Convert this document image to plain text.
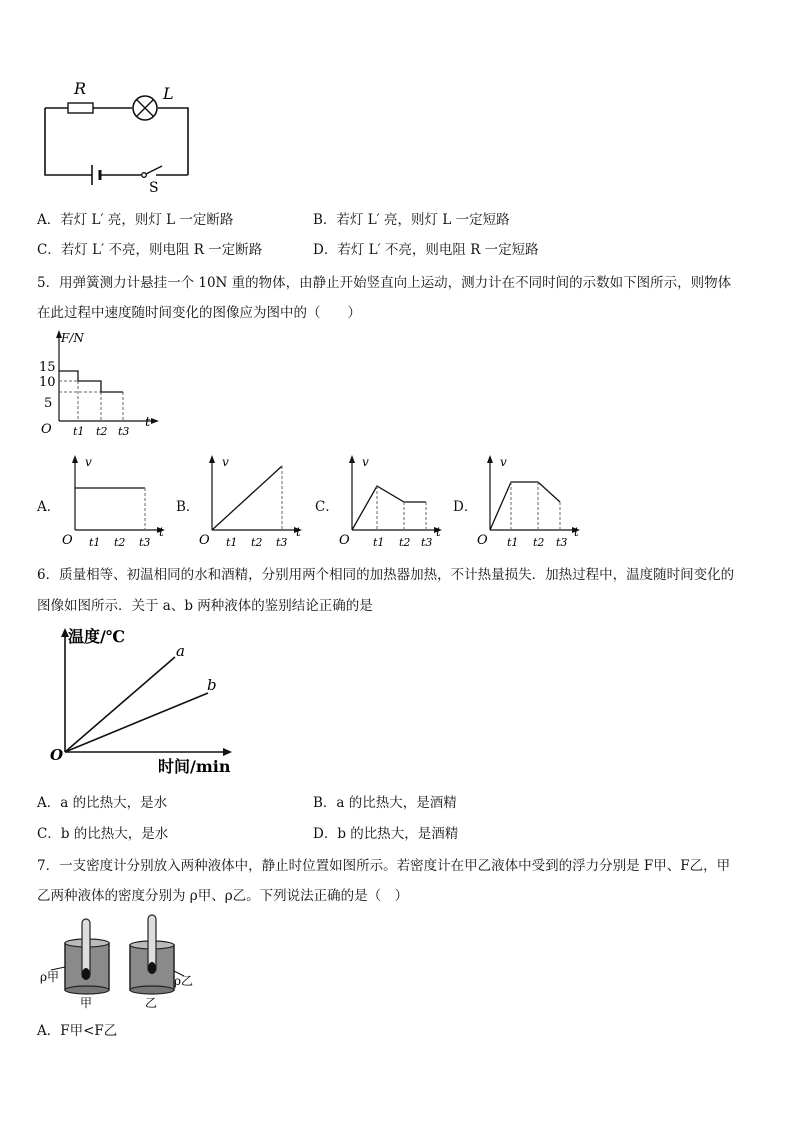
R	L
S
A．若灯 L′ 亮，则灯 L 一定断路	B．若灯 L′ 亮，则灯 L 一定短路
C．若灯 L′ 不亮，则电阻 R 一定断路	D．若灯 L′ 不亮，则电阻 R 一定短路
5．用弹簧测力计悬挂一个 10N 重的物体，由静止开始竖直向上运动，测力计在不同时间的示数如下图所示，则物体
在此过程中速度随时间变化的图像应为图中的（　　）
F/N
15
10
5
O	t
t1 t2 t3
A．
v
O
t
t1 t2 t3
B．
v
O
t
t1 t2 t3
C．
v
O
t
t1 t2 t3
D．
v
O
t
t1 t2 t3
6．质量相等、初温相同的水和酒精，分别用两个相同的加热器加热，不计热量损失．加热过程中，温度随时间变化的
图像如图所示．关于 a、b 两种液体的鉴别结论正确的是
温度/℃
时间/min
O
a
b
A．a 的比热大，是水	B．a 的比热大，是酒精
C．b 的比热大，是水	D．b 的比热大，是酒精
7．一支密度计分别放入两种液体中，静止时位置如图所示。若密度计在甲乙液体中受到的浮力分别是 F甲、F乙，甲
乙两种液体的密度分别为 ρ甲、ρ乙。下列说法正确的是（　）
ρ甲	ρ乙
甲	乙
A．F甲<F乙
